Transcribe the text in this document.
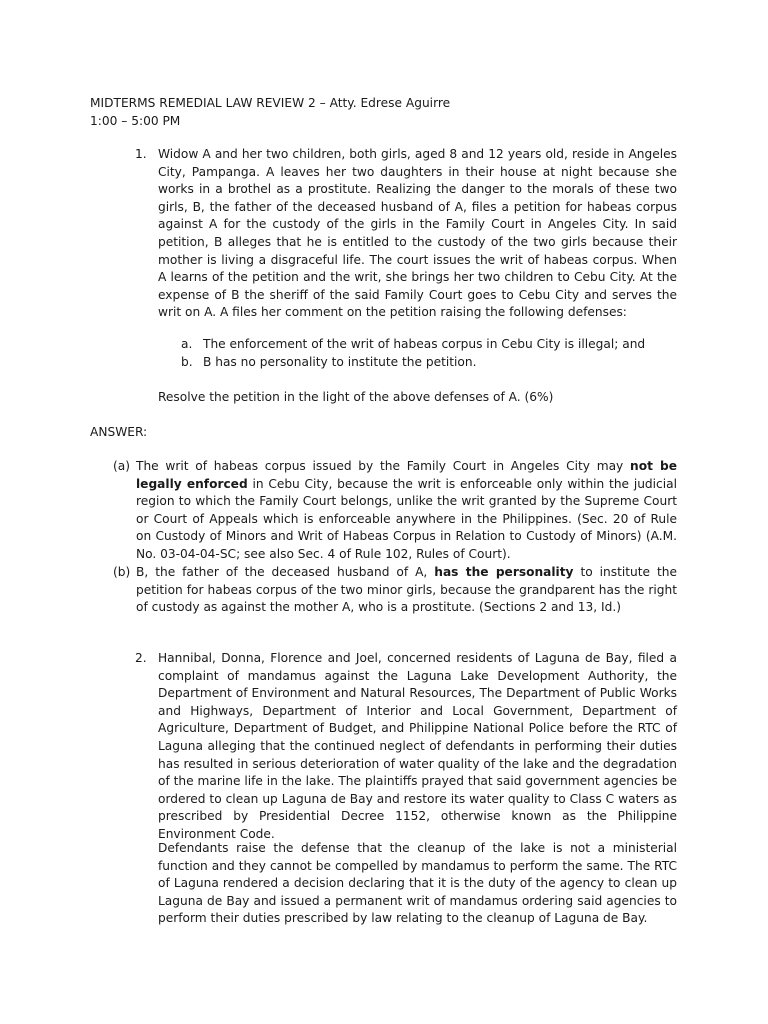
MIDTERMS REMEDIAL LAW REVIEW 2 – Atty. Edrese Aguirre
1:00 – 5:00 PM
1. Widow A and her two children, both girls, aged 8 and 12 years old, reside in Angeles City, Pampanga. A leaves her two daughters in their house at night because she works in a brothel as a prostitute. Realizing the danger to the morals of these two girls, B, the father of the deceased husband of A, files a petition for habeas corpus against A for the custody of the girls in the Family Court in Angeles City. In said petition, B alleges that he is entitled to the custody of the two girls because their mother is living a disgraceful life. The court issues the writ of habeas corpus. When A learns of the petition and the writ, she brings her two children to Cebu City. At the expense of B the sheriff of the said Family Court goes to Cebu City and serves the writ on A. A files her comment on the petition raising the following defenses:
a. The enforcement of the writ of habeas corpus in Cebu City is illegal; and
b. B has no personality to institute the petition.
Resolve the petition in the light of the above defenses of A. (6%)
ANSWER:
(a) The writ of habeas corpus issued by the Family Court in Angeles City may not be legally enforced in Cebu City, because the writ is enforceable only within the judicial region to which the Family Court belongs, unlike the writ granted by the Supreme Court or Court of Appeals which is enforceable anywhere in the Philippines. (Sec. 20 of Rule on Custody of Minors and Writ of Habeas Corpus in Relation to Custody of Minors) (A.M. No. 03-04-04-SC; see also Sec. 4 of Rule 102, Rules of Court).
(b) B, the father of the deceased husband of A, has the personality to institute the petition for habeas corpus of the two minor girls, because the grandparent has the right of custody as against the mother A, who is a prostitute. (Sections 2 and 13, Id.)
2. Hannibal, Donna, Florence and Joel, concerned residents of Laguna de Bay, filed a complaint of mandamus against the Laguna Lake Development Authority, the Department of Environment and Natural Resources, The Department of Public Works and Highways, Department of Interior and Local Government, Department of Agriculture, Department of Budget, and Philippine National Police before the RTC of Laguna alleging that the continued neglect of defendants in performing their duties has resulted in serious deterioration of water quality of the lake and the degradation of the marine life in the lake. The plaintiffs prayed that said government agencies be ordered to clean up Laguna de Bay and restore its water quality to Class C waters as prescribed by Presidential Decree 1152, otherwise known as the Philippine Environment Code.
Defendants raise the defense that the cleanup of the lake is not a ministerial function and they cannot be compelled by mandamus to perform the same. The RTC of Laguna rendered a decision declaring that it is the duty of the agency to clean up Laguna de Bay and issued a permanent writ of mandamus ordering said agencies to perform their duties prescribed by law relating to the cleanup of Laguna de Bay.
